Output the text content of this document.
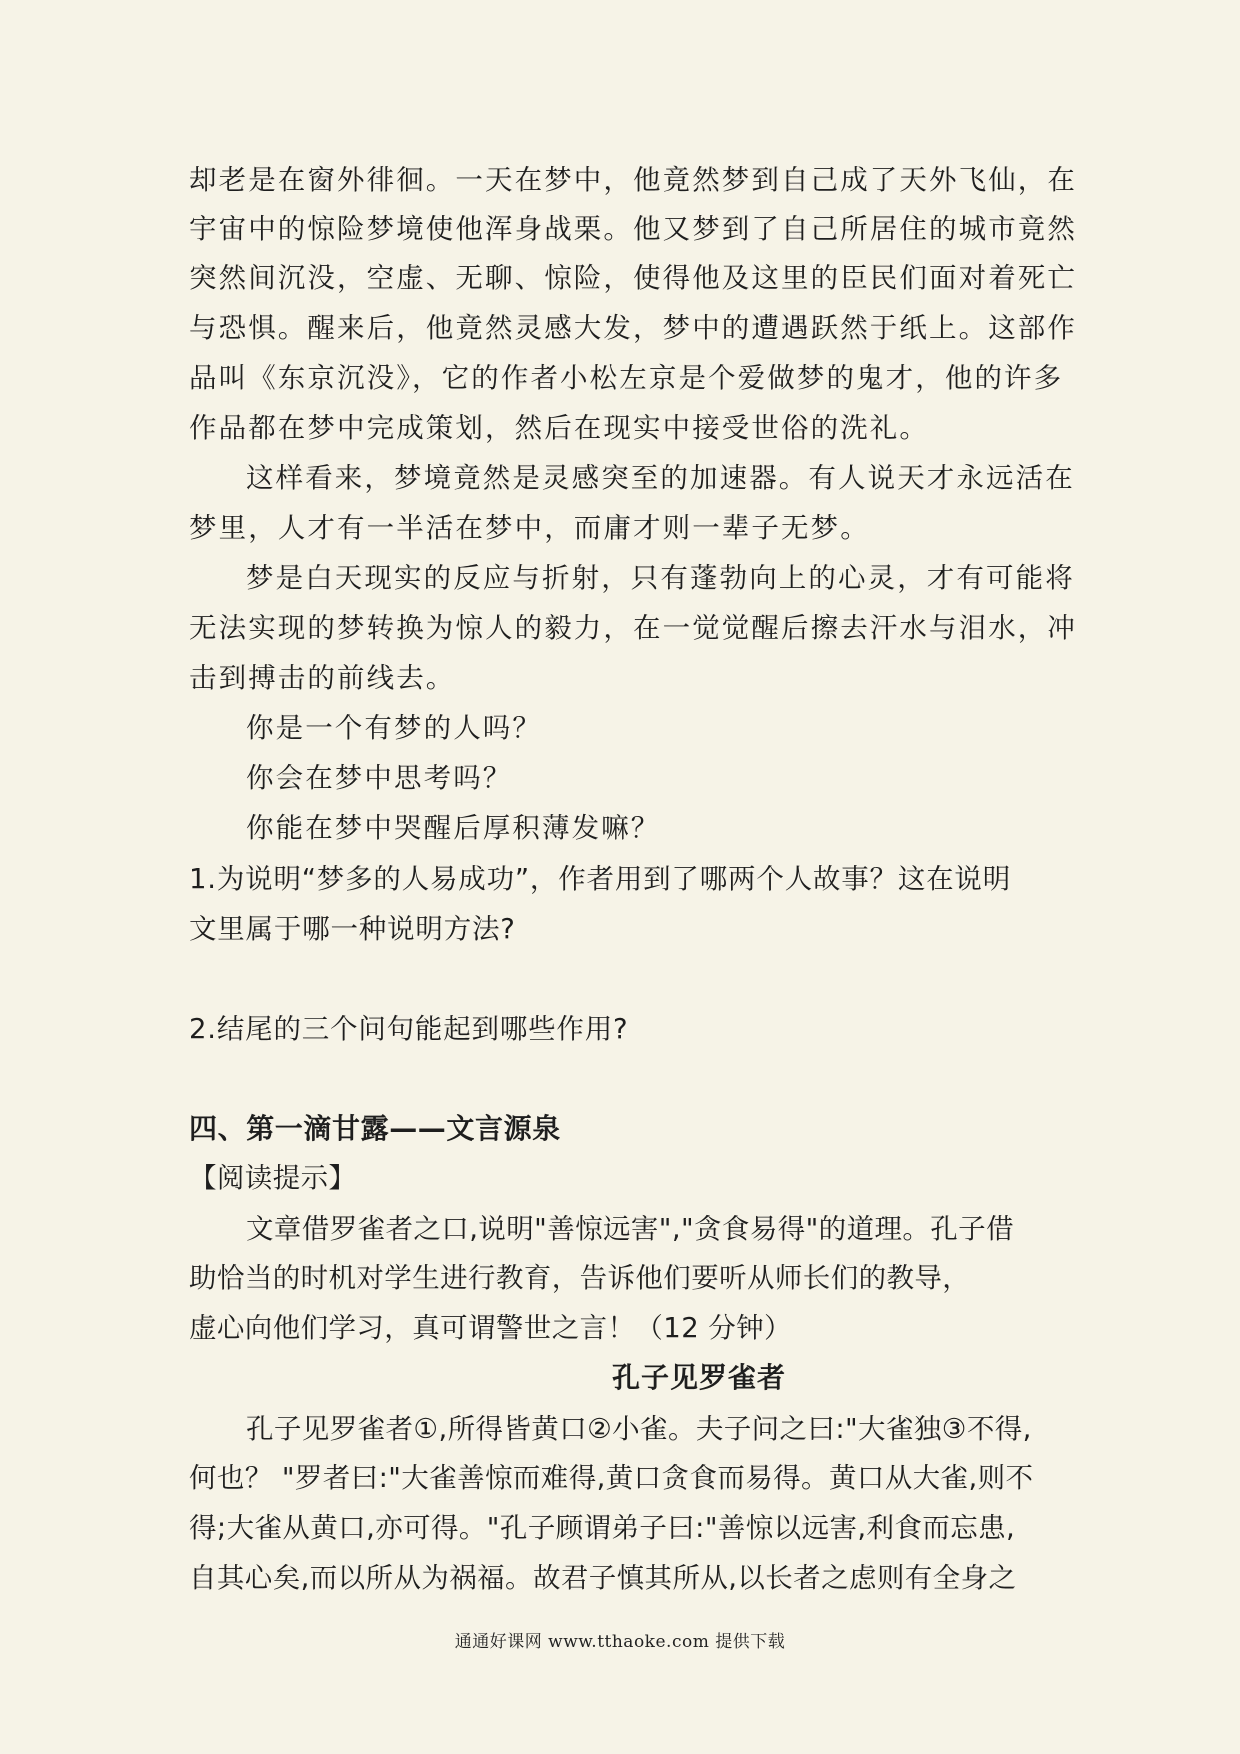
却老是在窗外徘徊。一天在梦中，他竟然梦到自己成了天外飞仙，在
宇宙中的惊险梦境使他浑身战栗。他又梦到了自己所居住的城市竟然
突然间沉没，空虚、无聊、惊险，使得他及这里的臣民们面对着死亡
与恐惧。醒来后，他竟然灵感大发，梦中的遭遇跃然于纸上。这部作
品叫《东京沉没》，它的作者小松左京是个爱做梦的鬼才，他的许多
作品都在梦中完成策划，然后在现实中接受世俗的洗礼。
这样看来，梦境竟然是灵感突至的加速器。有人说天才永远活在
梦里，人才有一半活在梦中，而庸才则一辈子无梦。
梦是白天现实的反应与折射，只有蓬勃向上的心灵，才有可能将
无法实现的梦转换为惊人的毅力，在一觉觉醒后擦去汗水与泪水，冲
击到搏击的前线去。
你是一个有梦的人吗？
你会在梦中思考吗？
你能在梦中哭醒后厚积薄发嘛？
1.为说明“梦多的人易成功”，作者用到了哪两个人故事？这在说明
文里属于哪一种说明方法?
2.结尾的三个问句能起到哪些作用?
四、第一滴甘露——文言源泉
【阅读提示】
文章借罗雀者之口,说明"善惊远害","贪食易得"的道理。孔子借
助恰当的时机对学生进行教育，告诉他们要听从师长们的教导，
虚心向他们学习，真可谓警世之言！（12 分钟）
孔子见罗雀者
孔子见罗雀者①,所得皆黄口②小雀。夫子问之曰:"大雀独③不得,
何也？ "罗者曰:"大雀善惊而难得,黄口贪食而易得。黄口从大雀,则不
得;大雀从黄口,亦可得。"孔子顾谓弟子曰:"善惊以远害,利食而忘患,
自其心矣,而以所从为祸福。故君子慎其所从,以长者之虑则有全身之
通通好课网 www.tthaoke.com 提供下载
